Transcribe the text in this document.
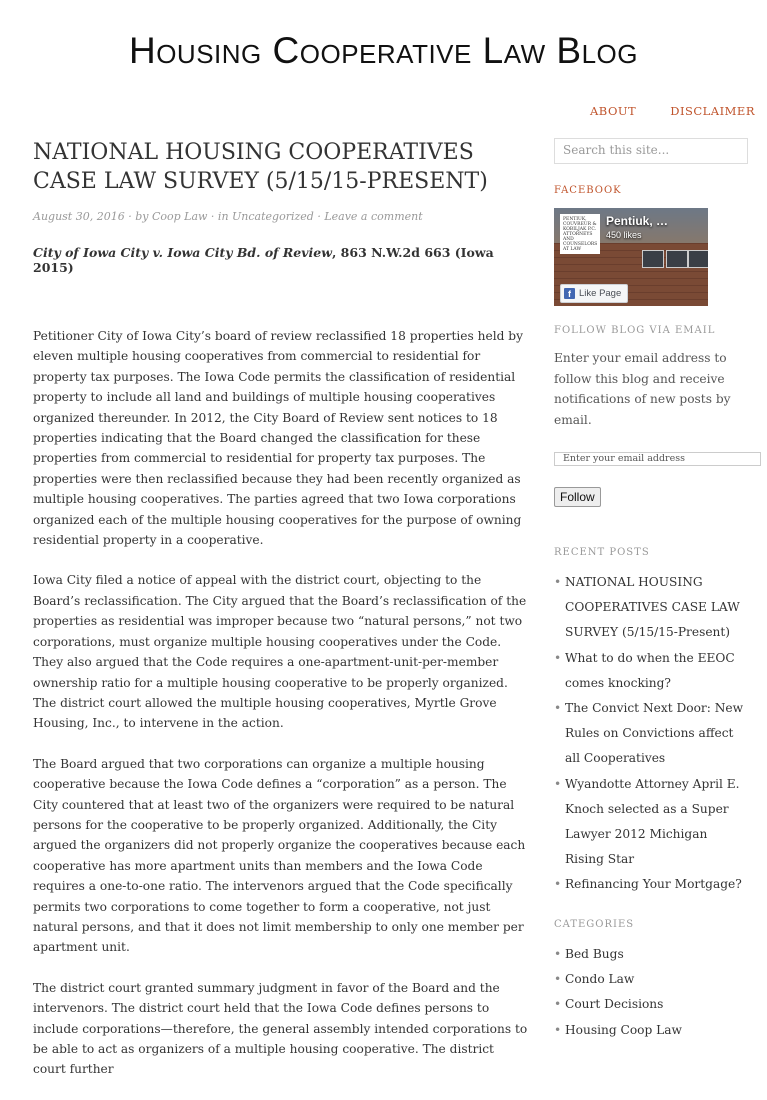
Housing Cooperative Law Blog
ABOUT	DISCLAIMER
NATIONAL HOUSING COOPERATIVES CASE LAW SURVEY (5/15/15-PRESENT)
August 30, 2016 · by Coop Law · in Uncategorized · Leave a comment
City of Iowa City v. Iowa City Bd. of Review, 863 N.W.2d 663 (Iowa 2015)

Petitioner City of Iowa City’s board of review reclassified 18 properties held by eleven multiple housing cooperatives from commercial to residential for property tax purposes. The Iowa Code permits the classification of residential property to include all land and buildings of multiple housing cooperatives organized thereunder. In 2012, the City Board of Review sent notices to 18 properties indicating that the Board changed the classification for these properties from commercial to residential for property tax purposes. The properties were then reclassified because they had been recently organized as multiple housing cooperatives. The parties agreed that two Iowa corporations organized each of the multiple housing cooperatives for the purpose of owning residential property in a cooperative.

Iowa City filed a notice of appeal with the district court, objecting to the Board’s reclassification. The City argued that the Board’s reclassification of the properties as residential was improper because two “natural persons,” not two corporations, must organize multiple housing cooperatives under the Code. They also argued that the Code requires a one-apartment-unit-per-member ownership ratio for a multiple housing cooperative to be properly organized. The district court allowed the multiple housing cooperatives, Myrtle Grove Housing, Inc., to intervene in the action.

The Board argued that two corporations can organize a multiple housing cooperative because the Iowa Code defines a “corporation” as a person. The City countered that at least two of the organizers were required to be natural persons for the cooperative to be properly organized. Additionally, the City argued the organizers did not properly organize the cooperatives because each cooperative has more apartment units than members and the Iowa Code requires a one-to-one ratio. The intervenors argued that the Code specifically permits two corporations to come together to form a cooperative, not just natural persons, and that it does not limit membership to only one member per apartment unit.

The district court granted summary judgment in favor of the Board and the intervenors. The district court held that the Iowa Code defines persons to include corporations—therefore, the general assembly intended corporations to be able to act as organizers of a multiple housing cooperative. The district court further

Search this site...
FACEBOOK
PENTIUK, COUVREUR & KOBILJAK P.C. ATTORNEYS AND COUNSELORS AT LAW
Pentiuk, …
450 likes
f Like Page
FOLLOW BLOG VIA EMAIL

Enter your email address to follow this blog and receive notifications of new posts by email.

Enter your email address
Follow
RECENT POSTS
• NATIONAL HOUSING COOPERATIVES CASE LAW SURVEY (5/15/15-Present)
• What to do when the EEOC comes knocking?
• The Convict Next Door: New Rules on Convictions affect all Cooperatives
• Wyandotte Attorney April E. Knoch selected as a Super Lawyer 2012 Michigan Rising Star
• Refinancing Your Mortgage?
CATEGORIES
• Bed Bugs
• Condo Law
• Court Decisions
• Housing Coop Law
